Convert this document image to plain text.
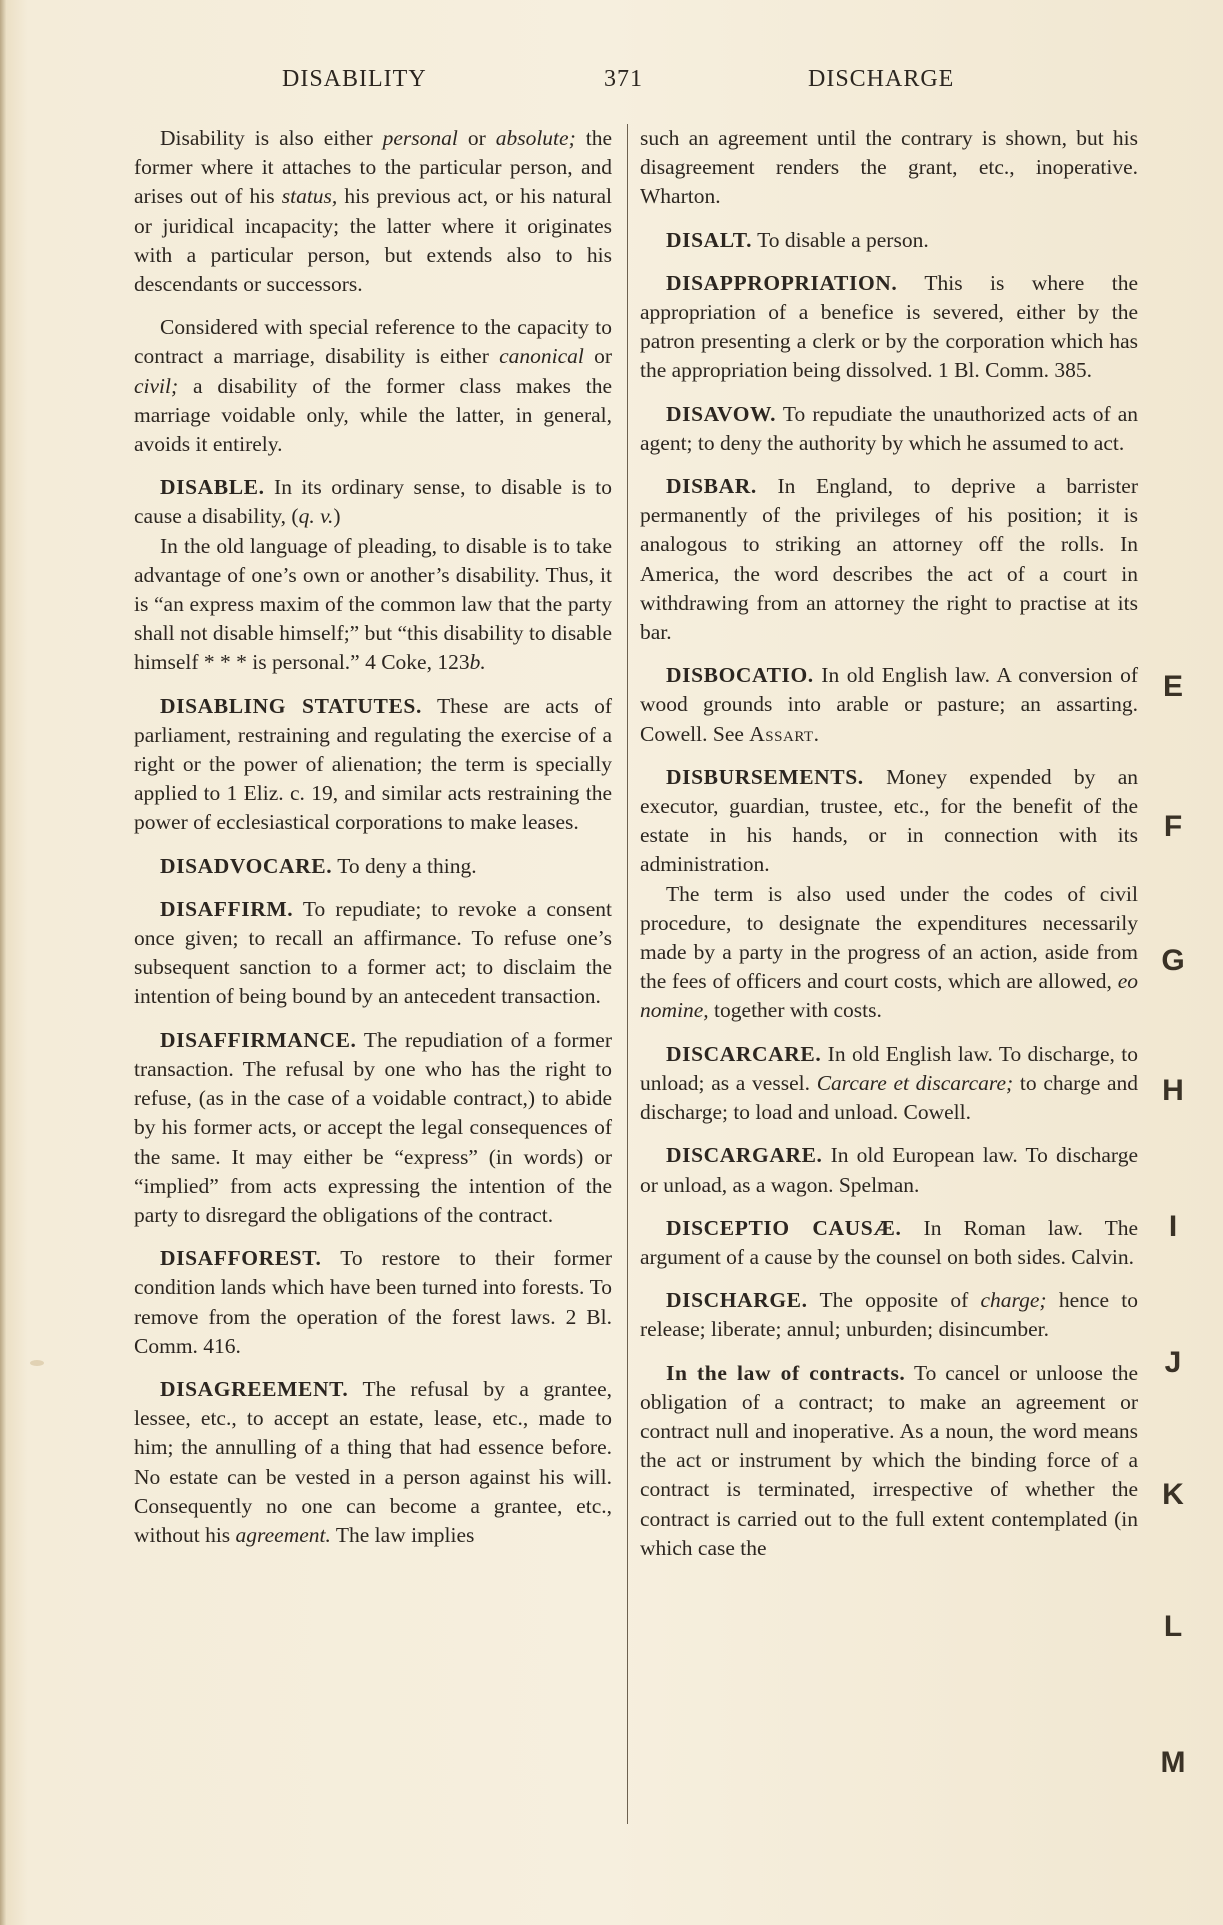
DISABILITY	371	DISCHARGE

Disability is also either personal or absolute; the former where it attaches to the particular person, and arises out of his status, his previous act, or his natural or juridical incapacity; the latter where it originates with a particular person, but extends also to his descendants or successors.

Considered with special reference to the capacity to contract a marriage, disability is either canonical or civil; a disability of the former class makes the marriage voidable only, while the latter, in general, avoids it entirely.

DISABLE. In its ordinary sense, to disable is to cause a disability, (q. v.)

In the old language of pleading, to disable is to take advantage of one’s own or another’s disability. Thus, it is “an express maxim of the common law that the party shall not disable himself;” but “this disability to disable himself * * * is personal.” 4 Coke, 123b.

DISABLING STATUTES. These are acts of parliament, restraining and regulating the exercise of a right or the power of alienation; the term is specially applied to 1 Eliz. c. 19, and similar acts restraining the power of ecclesiastical corporations to make leases.

DISADVOCARE. To deny a thing.

DISAFFIRM. To repudiate; to revoke a consent once given; to recall an affirmance. To refuse one’s subsequent sanction to a former act; to disclaim the intention of being bound by an antecedent transaction.

DISAFFIRMANCE. The repudiation of a former transaction. The refusal by one who has the right to refuse, (as in the case of a voidable contract,) to abide by his former acts, or accept the legal consequences of the same. It may either be “express” (in words) or “implied” from acts expressing the intention of the party to disregard the obligations of the contract.

DISAFFOREST. To restore to their former condition lands which have been turned into forests. To remove from the operation of the forest laws. 2 Bl. Comm. 416.

DISAGREEMENT. The refusal by a grantee, lessee, etc., to accept an estate, lease, etc., made to him; the annulling of a thing that had essence before. No estate can be vested in a person against his will. Consequently no one can become a grantee, etc., without his agreement. The law implies

such an agreement until the contrary is shown, but his disagreement renders the grant, etc., inoperative. Wharton.

DISALT. To disable a person.

DISAPPROPRIATION. This is where the appropriation of a benefice is severed, either by the patron presenting a clerk or by the corporation which has the appropriation being dissolved. 1 Bl. Comm. 385.

DISAVOW. To repudiate the unauthorized acts of an agent; to deny the authority by which he assumed to act.

DISBAR. In England, to deprive a barrister permanently of the privileges of his position; it is analogous to striking an attorney off the rolls. In America, the word describes the act of a court in withdrawing from an attorney the right to practise at its bar.

DISBOCATIO. In old English law. A conversion of wood grounds into arable or pasture; an assarting. Cowell. See Assart.

DISBURSEMENTS. Money expended by an executor, guardian, trustee, etc., for the benefit of the estate in his hands, or in connection with its administration.

The term is also used under the codes of civil procedure, to designate the expenditures necessarily made by a party in the progress of an action, aside from the fees of officers and court costs, which are allowed, eo nomine, together with costs.

DISCARCARE. In old English law. To discharge, to unload; as a vessel. Carcare et discarcare; to charge and discharge; to load and unload. Cowell.

DISCARGARE. In old European law. To discharge or unload, as a wagon. Spelman.

DISCEPTIO CAUSÆ. In Roman law. The argument of a cause by the counsel on both sides. Calvin.

DISCHARGE. The opposite of charge; hence to release; liberate; annul; unburden; disincumber.

In the law of contracts. To cancel or unloose the obligation of a contract; to make an agreement or contract null and inoperative. As a noun, the word means the act or instrument by which the binding force of a contract is terminated, irrespective of whether the contract is carried out to the full extent contemplated (in which case the

E
F
G
H
I
J
K
L
M
